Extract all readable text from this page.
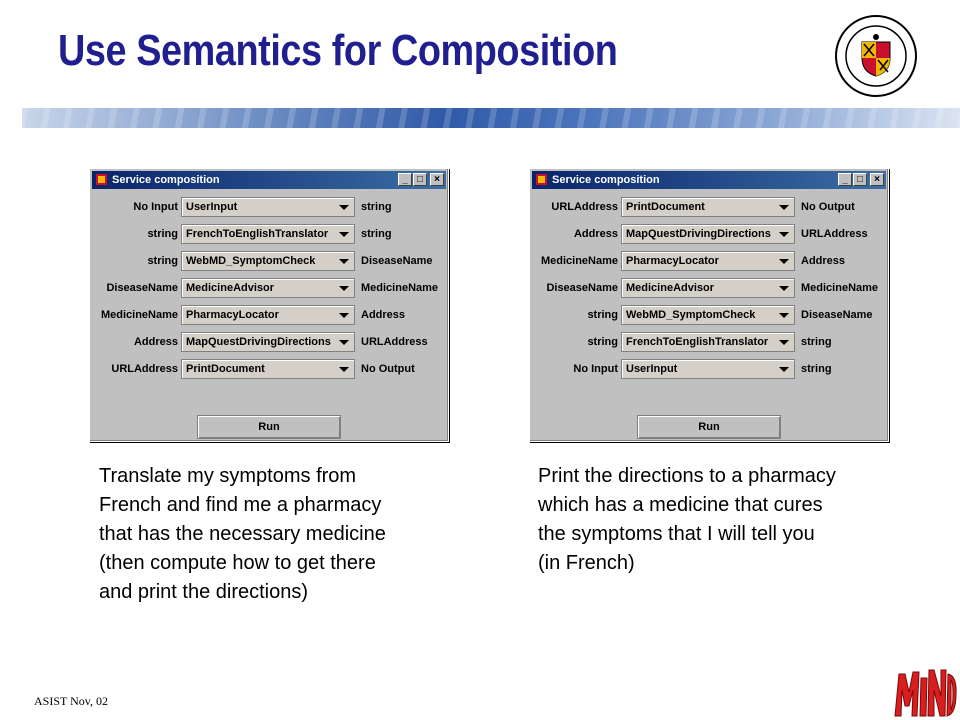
Use Semantics for Composition
Service composition	_ □	×
No Input UserInput	string
string FrenchToEnglishTranslator	string
string WebMD_SymptomCheck	DiseaseName
DiseaseName MedicineAdvisor	MedicineName
MedicineName PharmacyLocator	Address
Address MapQuestDrivingDirections	URLAddress
URLAddress PrintDocument	No Output
Run
Service composition	_ □	×
URLAddress PrintDocument	No Output
Address MapQuestDrivingDirections	URLAddress
MedicineName PharmacyLocator	Address
DiseaseName MedicineAdvisor	MedicineName
string WebMD_SymptomCheck	DiseaseName
string FrenchToEnglishTranslator	string
No Input UserInput	string
Run
Translate my symptoms from
French and find me a pharmacy
that has the necessary medicine
(then compute how to get there
and print the directions)
Print the directions to a pharmacy
which has a medicine that cures
the symptoms that I will tell you
(in French)
ASIST Nov, 02
